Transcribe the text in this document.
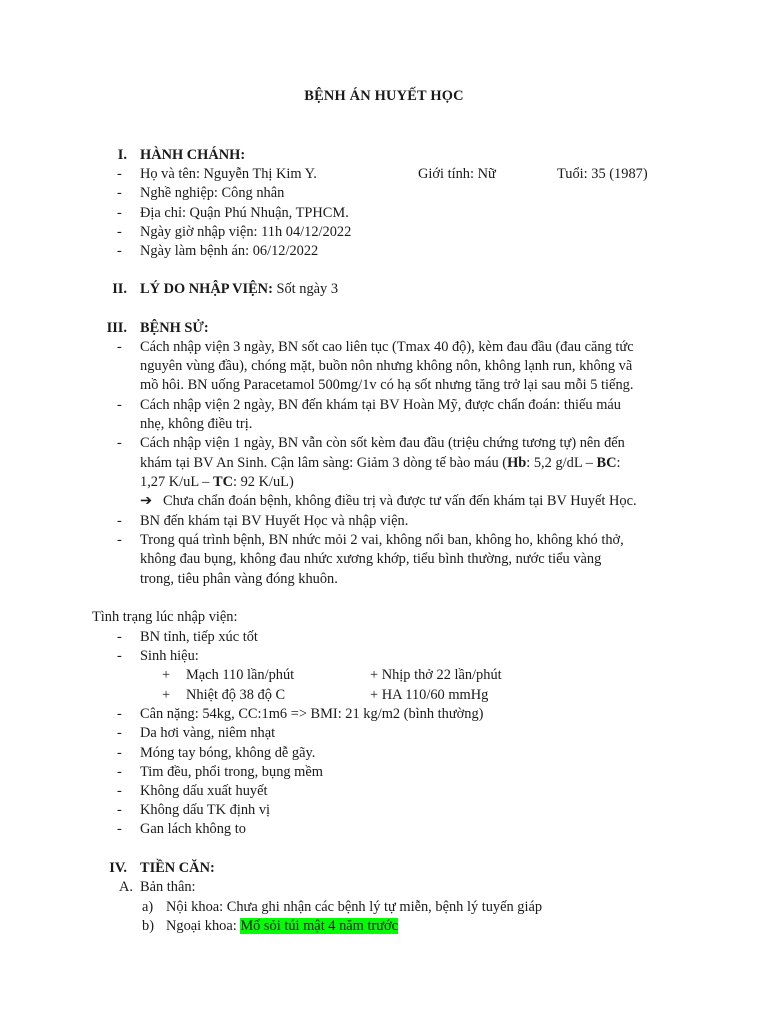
BỆNH ÁN HUYẾT HỌC
I. HÀNH CHÁNH:
- Họ và tên: Nguyễn Thị Kim Y.	Giới tính: Nữ	Tuổi: 35 (1987)
- Nghề nghiệp: Công nhân
- Địa chỉ: Quận Phú Nhuận, TPHCM.
- Ngày giờ nhập viện: 11h 04/12/2022
- Ngày làm bệnh án: 06/12/2022
II. LÝ DO NHẬP VIỆN: Sốt ngày 3
III. BỆNH SỬ:
- Cách nhập viện 3 ngày, BN sốt cao liên tục (Tmax 40 độ), kèm đau đầu (đau căng tức
nguyên vùng đầu), chóng mặt, buồn nôn nhưng không nôn, không lạnh run, không vã
mồ hôi. BN uống Paracetamol 500mg/1v có hạ sốt nhưng tăng trở lại sau mỗi 5 tiếng.
- Cách nhập viện 2 ngày, BN đến khám tại BV Hoàn Mỹ, được chẩn đoán: thiếu máu
nhẹ, không điều trị.
- Cách nhập viện 1 ngày, BN vẫn còn sốt kèm đau đầu (triệu chứng tương tự) nên đến
khám tại BV An Sinh. Cận lâm sàng: Giảm 3 dòng tế bào máu (Hb: 5,2 g/dL – BC:
1,27 K/uL – TC: 92 K/uL)
➔ Chưa chẩn đoán bệnh, không điều trị và được tư vấn đến khám tại BV Huyết Học.
- BN đến khám tại BV Huyết Học và nhập viện.
- Trong quá trình bệnh, BN nhức mỏi 2 vai, không nổi ban, không ho, không khó thở,
không đau bụng, không đau nhức xương khớp, tiểu bình thường, nước tiểu vàng
trong, tiêu phân vàng đóng khuôn.
Tình trạng lúc nhập viện:
- BN tỉnh, tiếp xúc tốt
- Sinh hiệu:
+ Mạch 110 lần/phút	+ Nhịp thở 22 lần/phút
+ Nhiệt độ 38 độ C	+ HA 110/60 mmHg
- Cân nặng: 54kg, CC:1m6 => BMI: 21 kg/m2 (bình thường)
- Da hơi vàng, niêm nhạt
- Móng tay bóng, không dễ gãy.
- Tim đều, phổi trong, bụng mềm
- Không dấu xuất huyết
- Không dấu TK định vị
- Gan lách không to
IV. TIỀN CĂN:
A. Bản thân:
a) Nội khoa: Chưa ghi nhận các bệnh lý tự miễn, bệnh lý tuyến giáp
b) Ngoại khoa: Mổ sỏi túi mật 4 năm trước
